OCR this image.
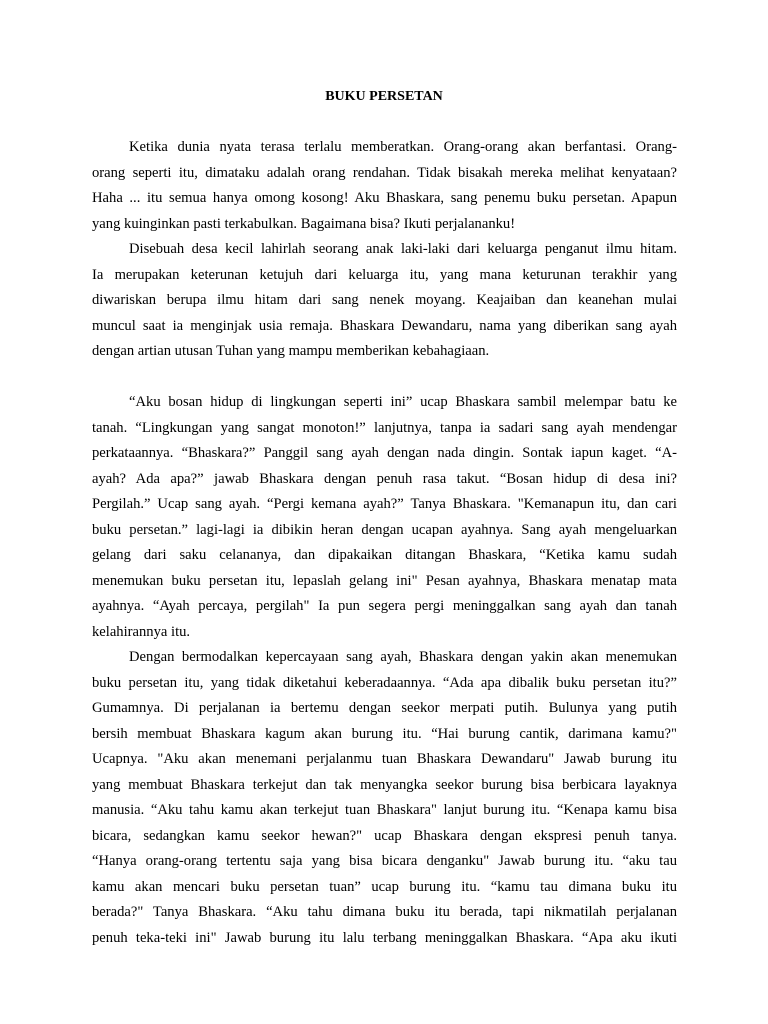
BUKU PERSETAN
Ketika dunia nyata terasa terlalu memberatkan. Orang-orang akan berfantasi. Orang-
orang seperti itu, dimataku adalah orang rendahan. Tidak bisakah mereka melihat kenyataan?
Haha ... itu semua hanya omong kosong! Aku Bhaskara, sang penemu buku persetan. Apapun
yang kuinginkan pasti terkabulkan. Bagaimana bisa? Ikuti perjalananku!
Disebuah desa kecil lahirlah seorang anak laki-laki dari keluarga penganut ilmu hitam.
Ia merupakan keterunan ketujuh dari keluarga itu, yang mana keturunan terakhir yang
diwariskan berupa ilmu hitam dari sang nenek moyang. Keajaiban dan keanehan mulai
muncul saat ia menginjak usia remaja. Bhaskara Dewandaru, nama yang diberikan sang ayah
dengan artian utusan Tuhan yang mampu memberikan kebahagiaan.
“Aku bosan hidup di lingkungan seperti ini” ucap Bhaskara sambil melempar batu ke
tanah. “Lingkungan yang sangat monoton!” lanjutnya, tanpa ia sadari sang ayah mendengar
perkataannya. “Bhaskara?” Panggil sang ayah dengan nada dingin. Sontak iapun kaget. “A-
ayah? Ada apa?” jawab Bhaskara dengan penuh rasa takut. “Bosan hidup di desa ini?
Pergilah.” Ucap sang ayah. “Pergi kemana ayah?” Tanya Bhaskara. "Kemanapun itu, dan cari
buku persetan.” lagi-lagi ia dibikin heran dengan ucapan ayahnya. Sang ayah mengeluarkan
gelang dari saku celananya, dan dipakaikan ditangan Bhaskara, “Ketika kamu sudah
menemukan buku persetan itu, lepaslah gelang ini" Pesan ayahnya, Bhaskara menatap mata
ayahnya. “Ayah percaya, pergilah" Ia pun segera pergi meninggalkan sang ayah dan tanah
kelahirannya itu.
Dengan bermodalkan kepercayaan sang ayah, Bhaskara dengan yakin akan menemukan
buku persetan itu, yang tidak diketahui keberadaannya. “Ada apa dibalik buku persetan itu?”
Gumamnya. Di perjalanan ia bertemu dengan seekor merpati putih. Bulunya yang putih
bersih membuat Bhaskara kagum akan burung itu. “Hai burung cantik, darimana kamu?"
Ucapnya. "Aku akan menemani perjalanmu tuan Bhaskara Dewandaru" Jawab burung itu
yang membuat Bhaskara terkejut dan tak menyangka seekor burung bisa berbicara layaknya
manusia. “Aku tahu kamu akan terkejut tuan Bhaskara" lanjut burung itu. “Kenapa kamu bisa
bicara, sedangkan kamu seekor hewan?" ucap Bhaskara dengan ekspresi penuh tanya.
“Hanya orang-orang tertentu saja yang bisa bicara denganku" Jawab burung itu. “aku tau
kamu akan mencari buku persetan tuan” ucap burung itu. “kamu tau dimana buku itu
berada?" Tanya Bhaskara. “Aku tahu dimana buku itu berada, tapi nikmatilah perjalanan
penuh teka-teki ini" Jawab burung itu lalu terbang meninggalkan Bhaskara. “Apa aku ikuti
